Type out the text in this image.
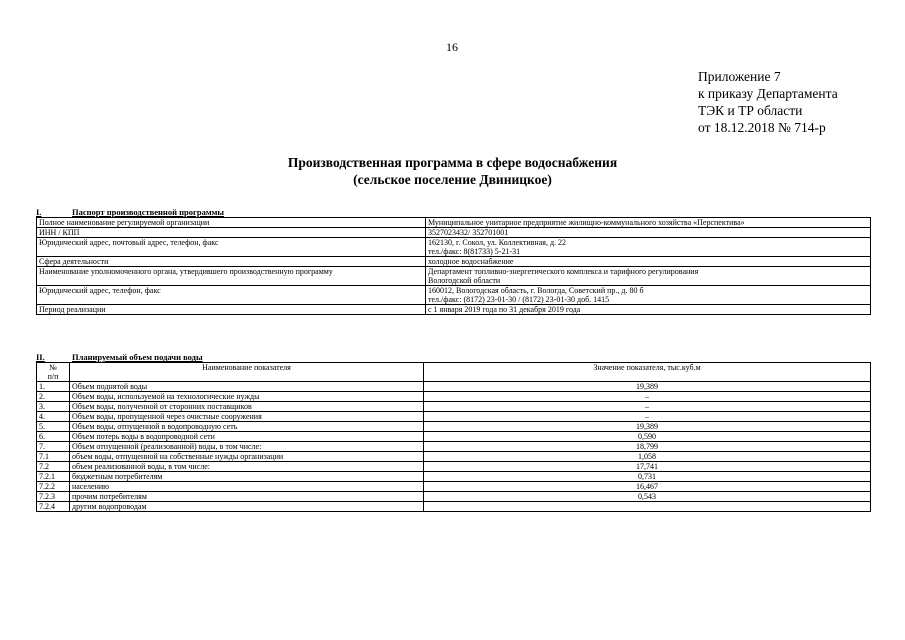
16
Приложение 7
к приказу Департамента
ТЭК и ТР области
от 18.12.2018 № 714-р
Производственная программа в сфере водоснабжения
(сельское поселение Двиницкое)
I.	Паспорт производственной программы
Полное наименование регулируемой организации	Муниципальное унитарное предприятие жилищно-коммунального хозяйства «Перспектива»

ИНН / КПП	3527023432/ 352701001

Юридический адрес, почтовый адрес, телефон, факс	162130, г. Сокол, ул. Коллективная, д. 22
тел./факс: 8(81733) 5-21-31

Сфера деятельности	холодное водоснабжение

Наименование уполномоченного органа, утвердившего производственную программу	Департамент топливно-энергетического комплекса и тарифного регулирования
Вологодской области

Юридический адрес, телефон, факс	160012, Вологодская область, г. Вологда, Советский пр., д. 80 б
тел./факс: (8172) 23-01-30 / (8172) 23-01-30 доб. 1415

Период реализации	с 1 января 2019 года по 31 декабря 2019 года
II.	Планируемый объем подачи воды
№
п/п	Наименование показателя	Значение показателя, тыс.куб.м
1.	Объем поднятой воды	19,389
2.	Объем воды, используемой на технологические нужды	–
3.	Объем воды, полученной от сторонних поставщиков	–
4.	Объем воды, пропущенной через очистные сооружения	–
5.	Объем воды, отпущенной в водопроводную сеть	19,389
6.	Объем потерь воды в водопроводной сети	0,590
7.	Объем отпущенной (реализованной) воды, в том числе:	18,799
7.1	объем воды, отпущенной на собственные нужды организации	1,058
7.2	объем реализованной воды, в том числе:	17,741
7.2.1	бюджетным потребителям	0,731
7.2.2	населению	16,467
7.2.3	прочим потребителям	0,543
7.2.4	другим водопроводам	
